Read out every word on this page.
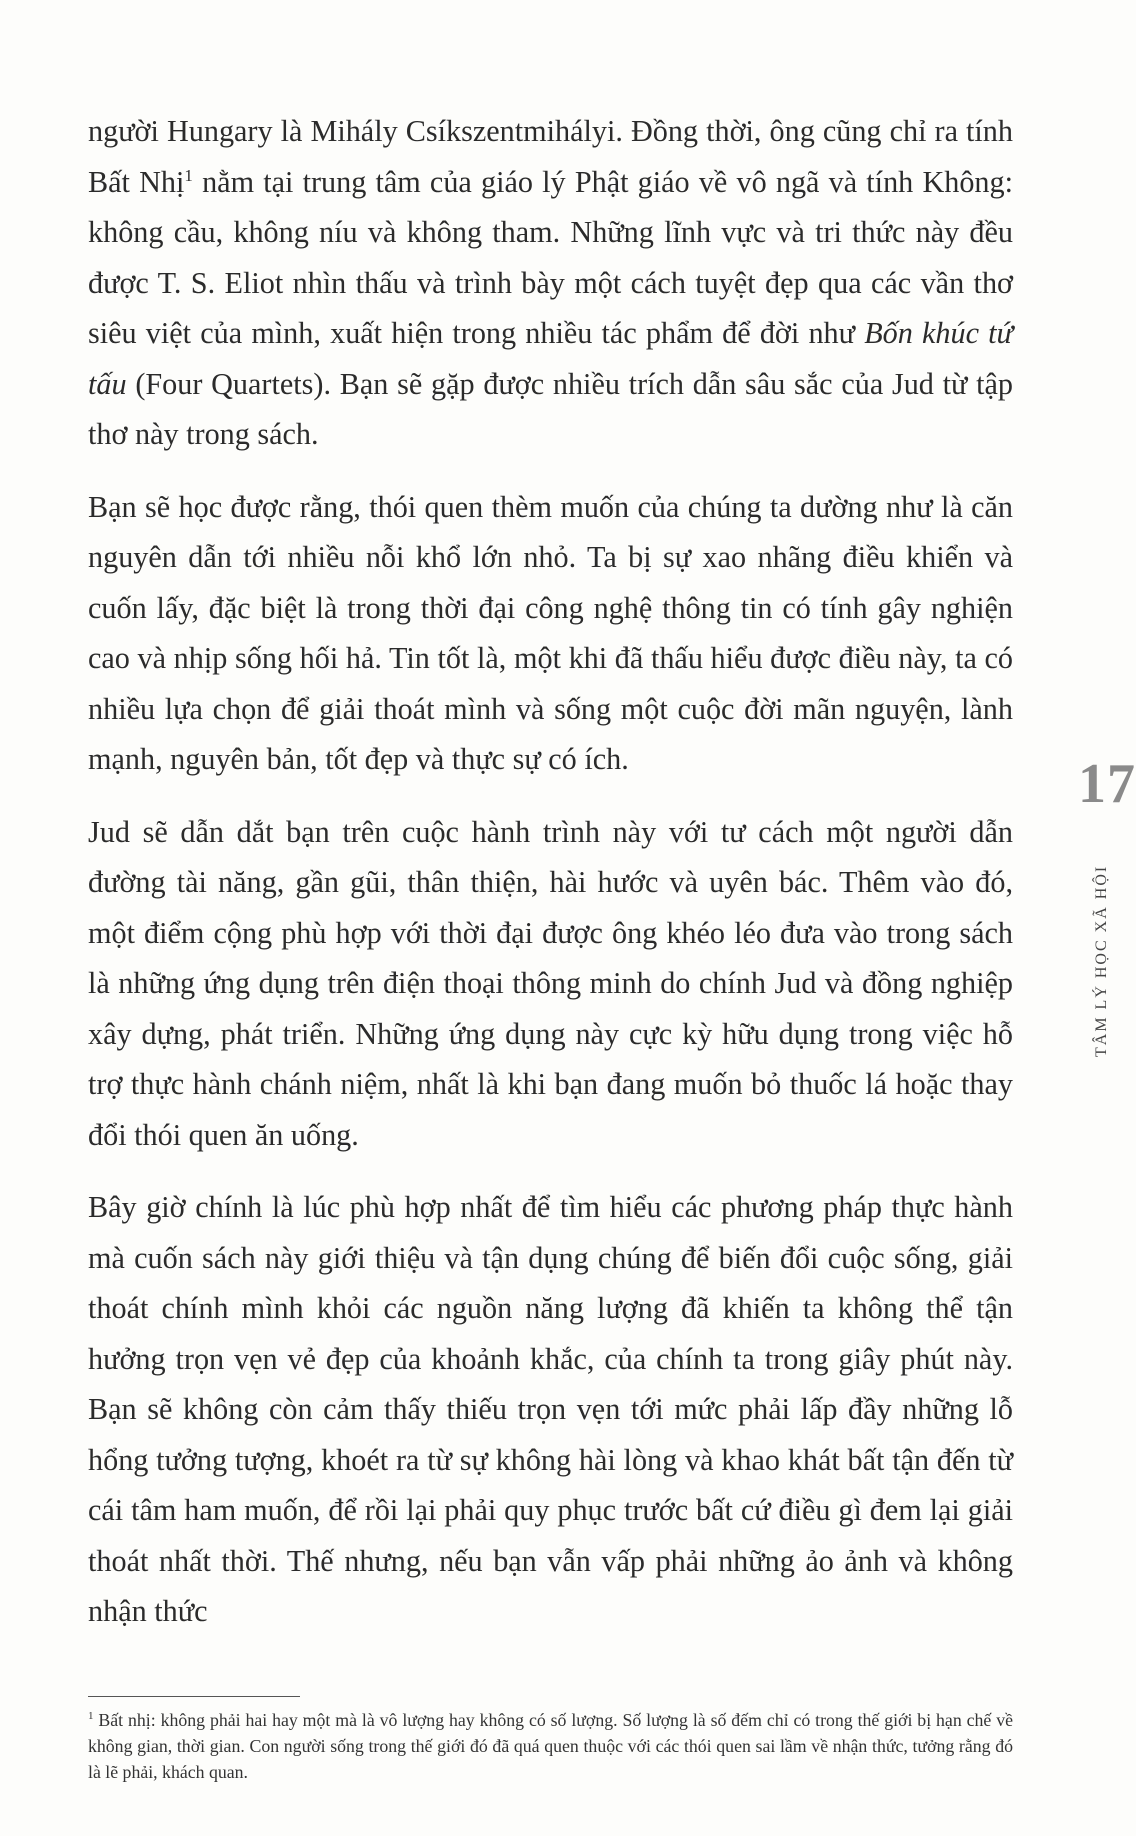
người Hungary là Mihály Csíkszentmihályi. Đồng thời, ông cũng chỉ ra tính Bất Nhị$^1$ nằm tại trung tâm của giáo lý Phật giáo về vô ngã và tính Không: không cầu, không níu và không tham. Những lĩnh vực và tri thức này đều được T. S. Eliot nhìn thấu và trình bày một cách tuyệt đẹp qua các vần thơ siêu việt của mình, xuất hiện trong nhiều tác phẩm để đời như Bốn khúc tứ tấu (Four Quartets). Bạn sẽ gặp được nhiều trích dẫn sâu sắc của Jud từ tập thơ này trong sách.

Bạn sẽ học được rằng, thói quen thèm muốn của chúng ta dường như là căn nguyên dẫn tới nhiều nỗi khổ lớn nhỏ. Ta bị sự xao nhãng điều khiển và cuốn lấy, đặc biệt là trong thời đại công nghệ thông tin có tính gây nghiện cao và nhịp sống hối hả. Tin tốt là, một khi đã thấu hiểu được điều này, ta có nhiều lựa chọn để giải thoát mình và sống một cuộc đời mãn nguyện, lành mạnh, nguyên bản, tốt đẹp và thực sự có ích.

Jud sẽ dẫn dắt bạn trên cuộc hành trình này với tư cách một người dẫn đường tài năng, gần gũi, thân thiện, hài hước và uyên bác. Thêm vào đó, một điểm cộng phù hợp với thời đại được ông khéo léo đưa vào trong sách là những ứng dụng trên điện thoại thông minh do chính Jud và đồng nghiệp xây dựng, phát triển. Những ứng dụng này cực kỳ hữu dụng trong việc hỗ trợ thực hành chánh niệm, nhất là khi bạn đang muốn bỏ thuốc lá hoặc thay đổi thói quen ăn uống.

Bây giờ chính là lúc phù hợp nhất để tìm hiểu các phương pháp thực hành mà cuốn sách này giới thiệu và tận dụng chúng để biến đổi cuộc sống, giải thoát chính mình khỏi các nguồn năng lượng đã khiến ta không thể tận hưởng trọn vẹn vẻ đẹp của khoảnh khắc, của chính ta trong giây phút này. Bạn sẽ không còn cảm thấy thiếu trọn vẹn tới mức phải lấp đầy những lỗ hổng tưởng tượng, khoét ra từ sự không hài lòng và khao khát bất tận đến từ cái tâm ham muốn, để rồi lại phải quy phục trước bất cứ điều gì đem lại giải thoát nhất thời. Thế nhưng, nếu bạn vẫn vấp phải những ảo ảnh và không nhận thức

$^1$ Bất nhị: không phải hai hay một mà là vô lượng hay không có số lượng. Số lượng là số đếm chỉ có trong thế giới bị hạn chế về không gian, thời gian. Con người sống trong thế giới đó đã quá quen thuộc với các thói quen sai lầm về nhận thức, tưởng rằng đó là lẽ phải, khách quan.
17
TÂM LÝ HỌC XÃ HỘI
